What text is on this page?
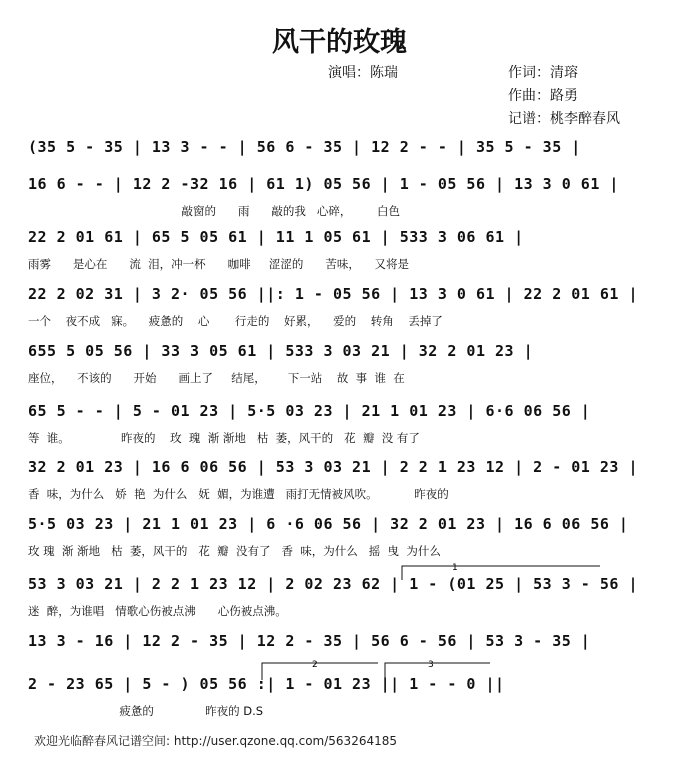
风干的玫瑰
演唱：陈瑞	作词：清瑢
作曲：路勇
记谱：桃李醉春风
(35 5 - 35 | 13 3 - - | 56 6 - 35 | 12 2 - - | 35 5 - 35 |
16 6 - - | 12 2 -32 16 | 61 1) 05 56 | 1 - 05 56 | 13 3 0 61 |
敲窗的      雨      敲的我   心碎，       白色
22 2 01 61 | 65 5 05 61 | 11 1 05 61 | 533 3 06 61 |
雨雾      是心在      流  泪，冲一杯      咖啡     涩涩的      苦味，    又将是
22 2 02 31 | 3 2· 05 56 ||: 1 - 05 56 | 13 3 0 61 | 22 2 01 61 |
一个    夜不成   寐。    疲惫的    心       行走的    好累，    爱的    转角    丢掉了
655 5 05 56 | 33 3 05 61 | 533 3 03 21 | 32 2 01 23 |
座位，    不该的      开始      画上了     结尾，      下一站    故  事  谁  在
65 5 - - | 5 - 01 23 | 5·5 03 23 | 21 1 01 23 | 6·6 06 56 |
等  谁。              昨夜的    玫  瑰  渐 渐地   枯  萎，风干的   花  瓣  没 有了
32 2 01 23 | 16 6 06 56 | 53 3 03 21 | 2 2 1 23 12 | 2 - 01 23 |
香  味，为什么   娇  艳  为什么   妩  媚，为谁遭   雨打无情被风吹。          昨夜的
5·5 03 23 | 21 1 01 23 | 6 ·6 06 56 | 32 2 01 23 | 16 6 06 56 |
玫 瑰  渐 渐地   枯  萎，风干的   花  瓣  没有了   香  味，为什么   摇  曳  为什么
53 3 03 21 | 2 2 1 23 12 | 2 02 23 62 | 1 - (01 25 | 53 3 - 56 |
迷  醉，为谁唱   情歌心伤被点沸      心伤被点沸。
13 3 - 16 | 12 2 - 35 | 12 2 - 35 | 56 6 - 56 | 53 3 - 35 |
2 - 23 65 | 5 - ) 05 56 :| 1 - 01 23 || 1 - - 0 ||
疲惫的              昨夜的 D.S
1
2	3
欢迎光临醉春风记谱空间: http://user.qzone.qq.com/563264185
